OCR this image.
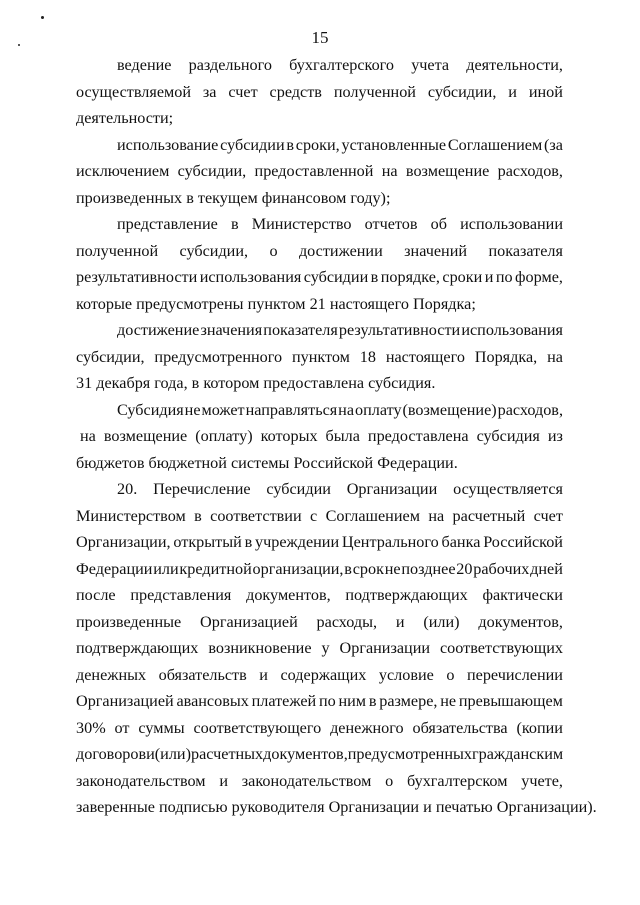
15
ведение раздельного бухгалтерского учета деятельности,
осуществляемой за счет средств полученной субсидии, и иной
деятельности;
использование субсидии в сроки, установленные Соглашением (за
исключением субсидии, предоставленной на возмещение расходов,
произведенных в текущем финансовом году);
представление в Министерство отчетов об использовании
полученной субсидии, о достижении значений показателя
результативности использования субсидии в порядке, сроки и по форме,
которые предусмотрены пунктом 21 настоящего Порядка;
достижение значения показателя результативности использования
субсидии, предусмотренного пунктом 18 настоящего Порядка, на
31 декабря года, в котором предоставлена субсидия.
Субсидия не может направляться на оплату (возмещение) расходов,
на возмещение (оплату) которых была предоставлена субсидия из
бюджетов бюджетной системы Российской Федерации.
20. Перечисление субсидии Организации осуществляется
Министерством в соответствии с Соглашением на расчетный счет
Организации, открытый в учреждении Центрального банка Российской
Федерации или кредитной организации, в срок не позднее 20 рабочих дней
после представления документов, подтверждающих фактически
произведенные Организацией расходы, и (или) документов,
подтверждающих возникновение у Организации соответствующих
денежных обязательств и содержащих условие о перечислении
Организацией авансовых платежей по ним в размере, не превышающем
30% от суммы соответствующего денежного обязательства (копии
договоров и (или) расчетных документов, предусмотренных гражданским
законодательством и законодательством о бухгалтерском учете,
заверенные подписью руководителя Организации и печатью Организации).
